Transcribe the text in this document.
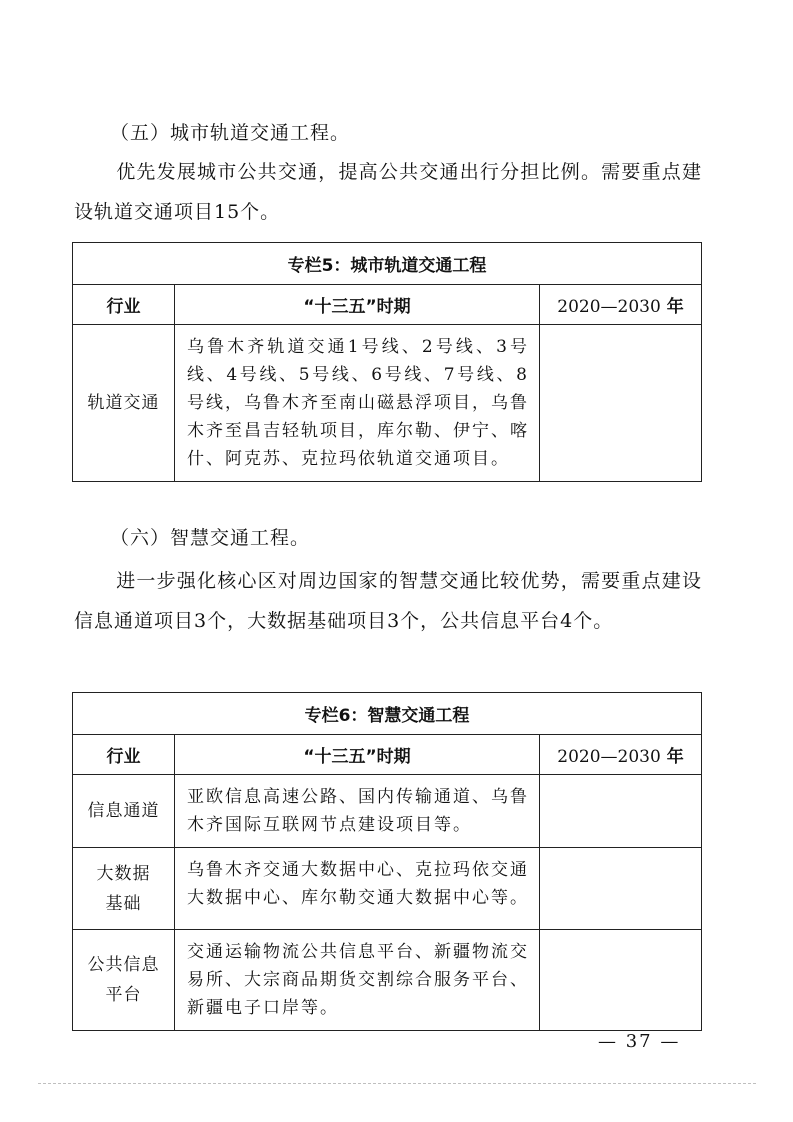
（五）城市轨道交通工程。
优先发展城市公共交通，提高公共交通出行分担比例。需要重点建设轨道交通项目15个。
专栏5：城市轨道交通工程		
行业	“十三五”时期	2020—2030 年
轨道交通	乌鲁木齐轨道交通1号线、2号线、3号线、4号线、5号线、6号线、7号线、8号线，乌鲁木齐至南山磁悬浮项目，乌鲁木齐至昌吉轻轨项目，库尔勒、伊宁、喀什、阿克苏、克拉玛依轨道交通项目。	
（六）智慧交通工程。
进一步强化核心区对周边国家的智慧交通比较优势，需要重点建设信息通道项目3个，大数据基础项目3个，公共信息平台4个。
专栏6：智慧交通工程		
行业	“十三五”时期	2020—2030 年
信息通道	亚欧信息高速公路、国内传输通道、乌鲁木齐国际互联网节点建设项目等。	
大数据基础	乌鲁木齐交通大数据中心、克拉玛依交通大数据中心、库尔勒交通大数据中心等。	
公共信息平台	交通运输物流公共信息平台、新疆物流交易所、大宗商品期货交割综合服务平台、新疆电子口岸等。	
— 37 —
